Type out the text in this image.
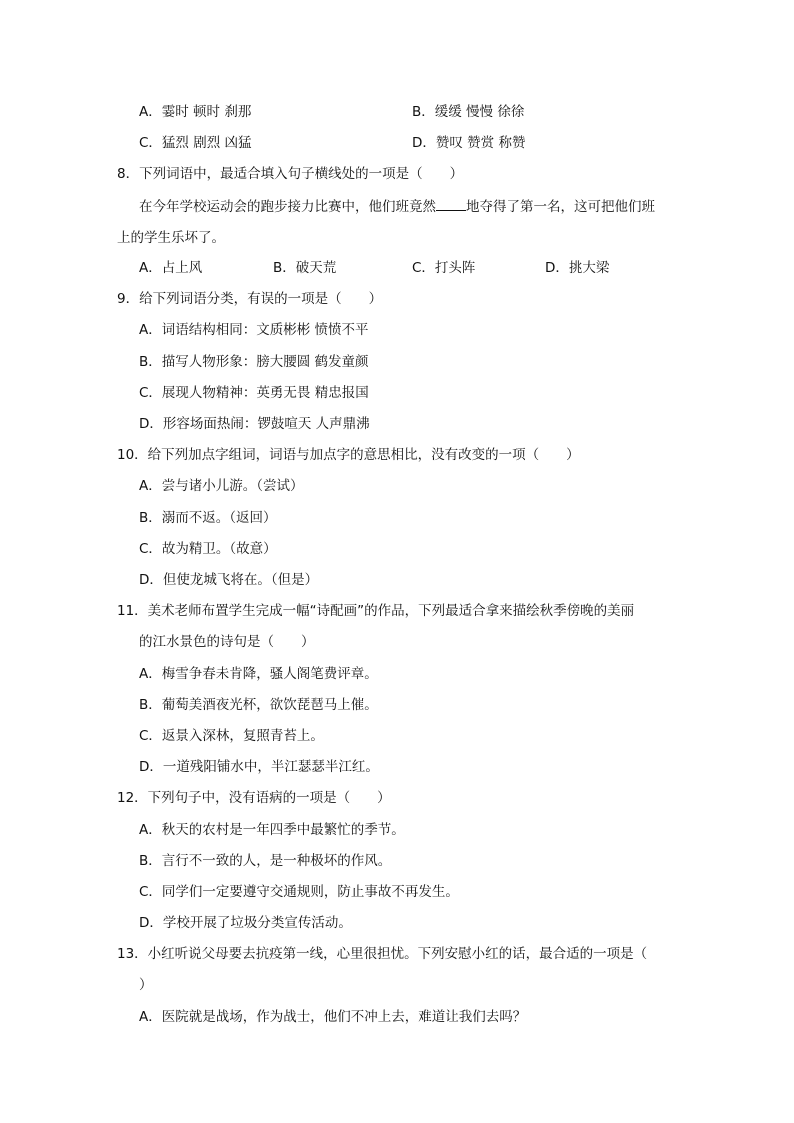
A．霎时 顿时 刹那	B．缓缓 慢慢 徐徐
C．猛烈 剧烈 凶猛	D．赞叹 赞赏 称赞
8．下列词语中，最适合填入句子横线处的一项是（　　）
在今年学校运动会的跑步接力比赛中，他们班竟然 地夺得了第一名，这可把他们班
上的学生乐坏了。
A．占上风	B．破天荒	C．打头阵	D．挑大梁
9．给下列词语分类，有误的一项是（　　）
A．词语结构相同：文质彬彬 愤愤不平
B．描写人物形象：膀大腰圆 鹤发童颜
C．展现人物精神：英勇无畏 精忠报国
D．形容场面热闹：锣鼓喧天 人声鼎沸
10．给下列加点字组词，词语与加点字的意思相比，没有改变的一项（　　）
A．尝与诸小儿游。（尝试）
B．溺而不返。（返回）
C．故为精卫。（故意）
D．但使龙城飞将在。（但是）
11．美术老师布置学生完成一幅“诗配画”的作品，下列最适合拿来描绘秋季傍晚的美丽
的江水景色的诗句是（　　）
A．梅雪争春未肯降，骚人阁笔费评章。
B．葡萄美酒夜光杯，欲饮琵琶马上催。
C．返景入深林，复照青苔上。
D．一道残阳铺水中，半江瑟瑟半江红。
12．下列句子中，没有语病的一项是（　　）
A．秋天的农村是一年四季中最繁忙的季节。
B．言行不一致的人，是一种极坏的作风。
C．同学们一定要遵守交通规则，防止事故不再发生。
D．学校开展了垃圾分类宣传活动。
13．小红听说父母要去抗疫第一线，心里很担忧。下列安慰小红的话，最合适的一项是（
）
A．医院就是战场，作为战士，他们不冲上去，难道让我们去吗？
